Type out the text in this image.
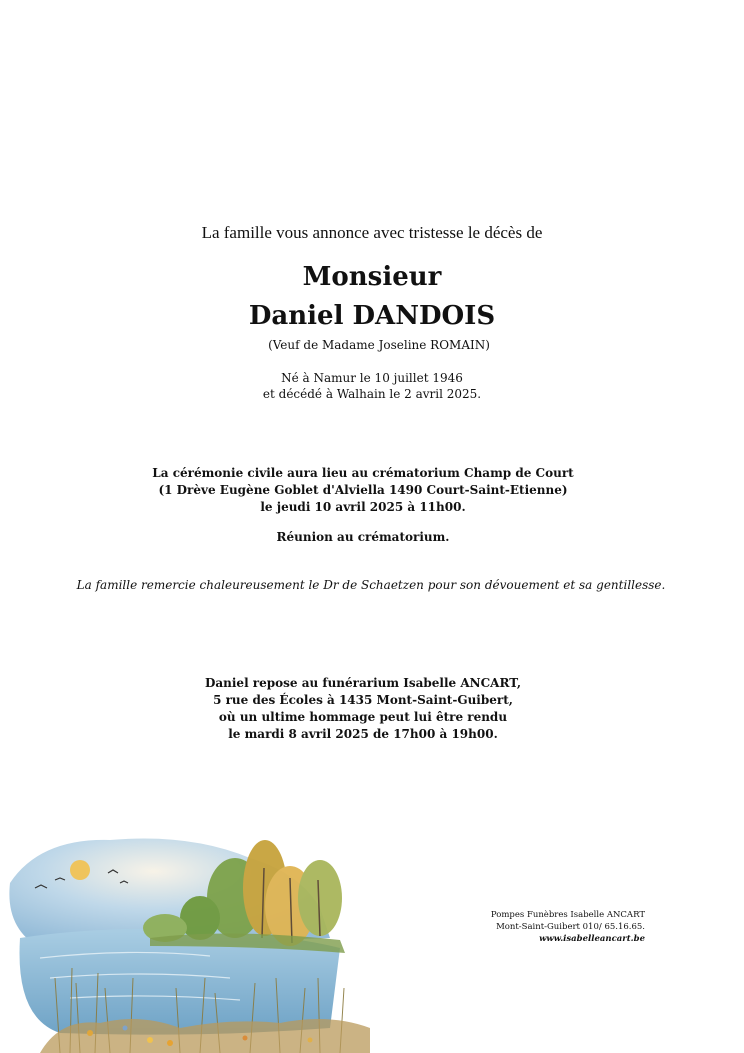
La famille vous annonce avec tristesse le décès de
Monsieur
Daniel DANDOIS
(Veuf de Madame Joseline ROMAIN)
Né à Namur le 10 juillet 1946
et décédé à Walhain le 2 avril 2025.
La cérémonie civile aura lieu au crématorium Champ de Court
(1 Drève Eugène Goblet d'Alviella 1490 Court-Saint-Etienne)
le jeudi 10 avril 2025 à 11h00.
Réunion au crématorium.
La famille remercie chaleureusement le Dr de Schaetzen pour son dévouement et sa gentillesse.
Daniel repose au funérarium Isabelle ANCART,
5 rue des Écoles à 1435 Mont-Saint-Guibert,
où un ultime hommage peut lui être rendu
le mardi 8 avril 2025 de 17h00 à 19h00.
Pompes Funèbres Isabelle ANCART
Mont-Saint-Guibert 010/ 65.16.65.
www.isabelleancart.be
